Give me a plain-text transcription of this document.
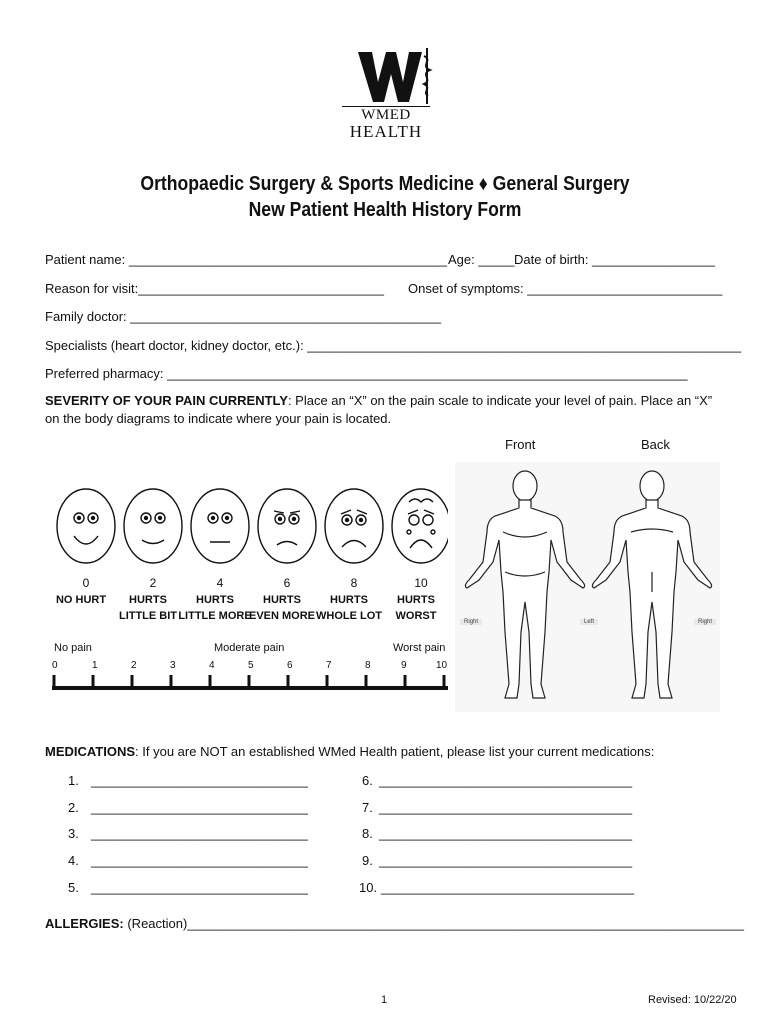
WMED
HEALTH
Orthopaedic Surgery & Sports Medicine ♦ General Surgery
New Patient Health History Form
Patient name: ____________________________________________ Age: _____ Date of birth: _________________
Reason for visit:__________________________________ Onset of symptoms: ___________________________
Family doctor: ___________________________________________
Specialists (heart doctor, kidney doctor, etc.): ____________________________________________________________
Preferred pharmacy: ________________________________________________________________________
SEVERITY OF YOUR PAIN CURRENTLY: Place an “X” on the pain scale to indicate your level of pain. Place an “X” on the body diagrams to indicate where your pain is located.
0	2	4	6	8	10
NO HURT	HURTS
LITTLE BIT
HURTS
LITTLE MORE
HURTS
EVEN MORE
HURTS
WHOLE LOT
HURTS
WORST
No pain	Moderate pain	Worst pain
0	1	2	3	4	5	6	7	8	9	10
Front	Back
Right	Left	Right
MEDICATIONS: If you are NOT an established WMed Health patient, please list your current medications:
1. ______________________________
2. ______________________________
3. ______________________________
4. ______________________________
5. ______________________________
6. ___________________________________
7. ___________________________________
8. ___________________________________
9. ___________________________________
10. ___________________________________
ALLERGIES: (Reaction)_____________________________________________________________________________
1	Revised: 10/22/20
